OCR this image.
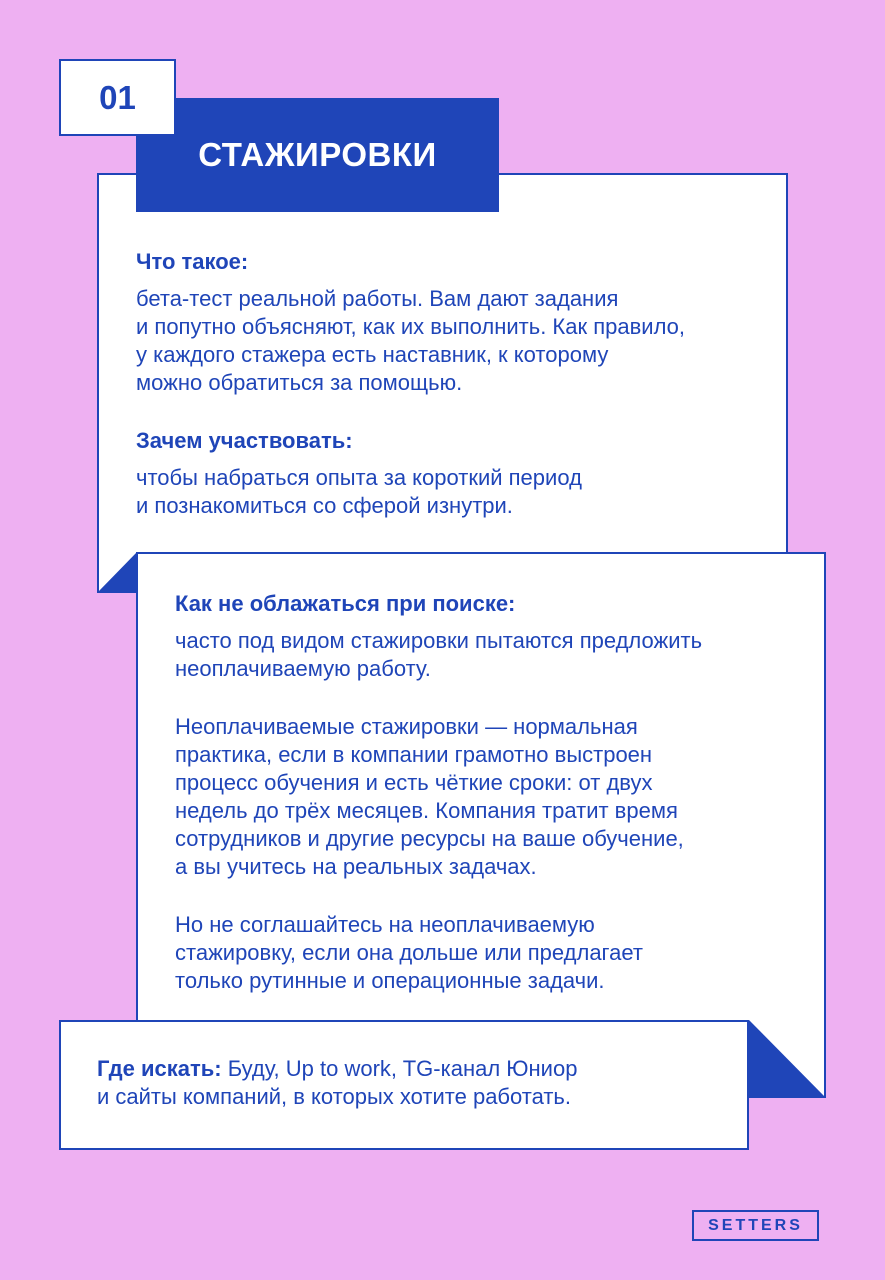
01
СТАЖИРОВКИ

Что такое:

бета-тест реальной работы. Вам дают задания
и попутно объясняют, как их выполнить. Как правило,
у каждого стажера есть наставник, к которому
можно обратиться за помощью.

Зачем участвовать:

чтобы набраться опыта за короткий период
и познакомиться со сферой изнутри.

Как не облажаться при поиске:

часто под видом стажировки пытаются предложить
неоплачиваемую работу.

Неоплачиваемые стажировки — нормальная
практика, если в компании грамотно выстроен
процесс обучения и есть чёткие сроки: от двух
недель до трёх месяцев. Компания тратит время
сотрудников и другие ресурсы на ваше обучение,
а вы учитесь на реальных задачах.

Но не соглашайтесь на неоплачиваемую
стажировку, если она дольше или предлагает
только рутинные и операционные задачи.

Где искать: Буду, Up to work, TG-канал Юниор
и сайты компаний, в которых хотите работать.

SETTERS
